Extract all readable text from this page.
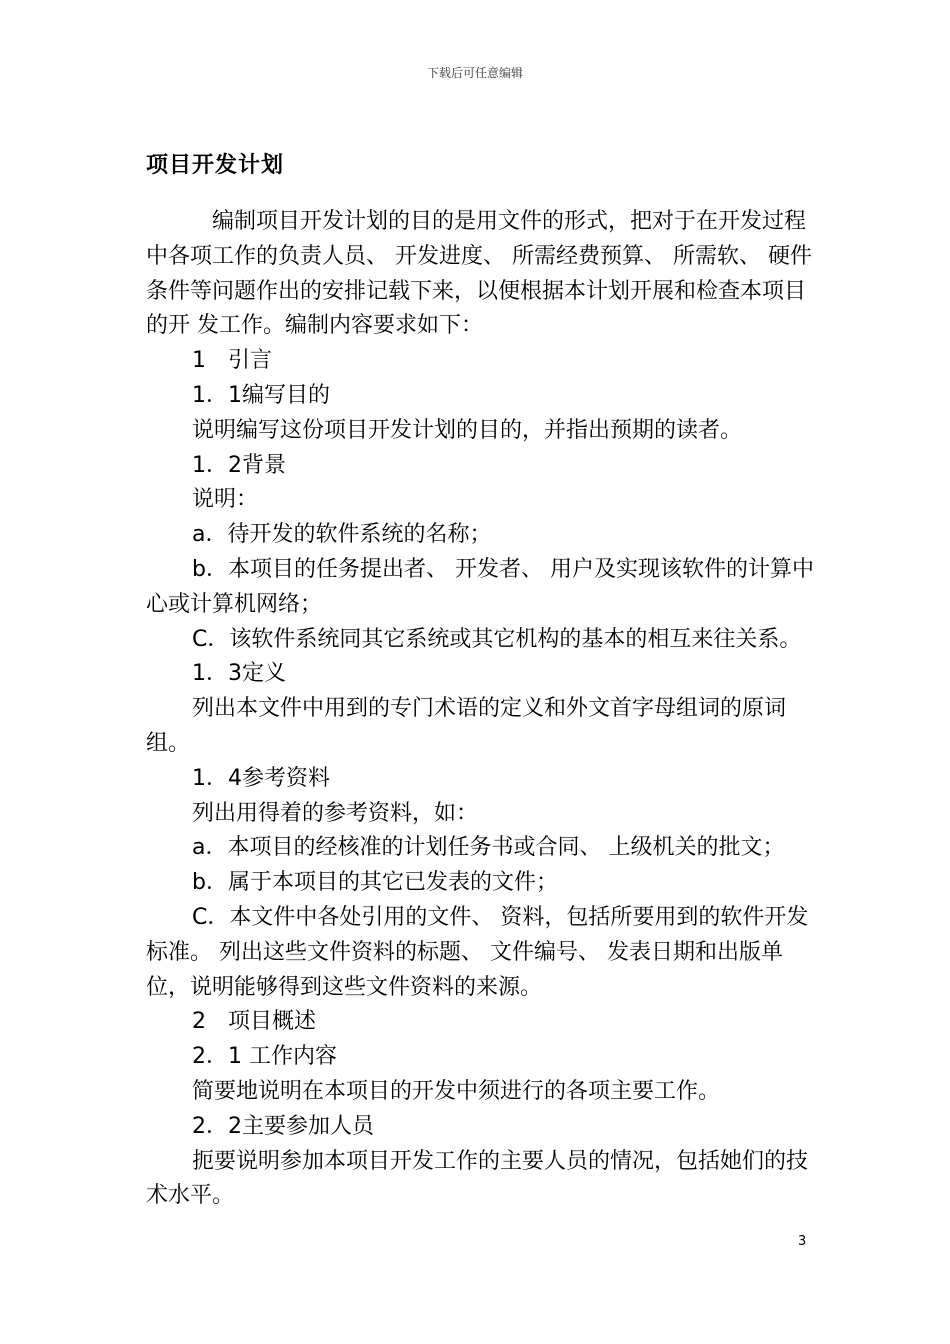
下载后可任意编辑
项目开发计划

编制项目开发计划的目的是用文件的形式，把对于在开发过程中各项工作的负责人员、 开发进度、 所需经费预算、 所需软、 硬件条件等问题作出的安排记载下来，以便根据本计划开展和检查本项目的开 发工作。编制内容要求如下：

1　引言

1．1编写目的

说明编写这份项目开发计划的目的，并指出预期的读者。

1．2背景

说明：

a．待开发的软件系统的名称；

b．本项目的任务提出者、 开发者、 用户及实现该软件的计算中心或计算机网络；

C．该软件系统同其它系统或其它机构的基本的相互来往关系。

1．3定义

列出本文件中用到的专门术语的定义和外文首字母组词的原词组。

1．4参考资料

列出用得着的参考资料，如：

a．本项目的经核准的计划任务书或合同、 上级机关的批文；

b．属于本项目的其它已发表的文件；

C．本文件中各处引用的文件、 资料，包括所要用到的软件开发标准。 列出这些文件资料的标题、 文件编号、 发表日期和出版单位，说明能够得到这些文件资料的来源。

2　项目概述

2．1 工作内容

简要地说明在本项目的开发中须进行的各项主要工作。

2．2主要参加人员

扼要说明参加本项目开发工作的主要人员的情况，包括她们的技术水平。

3
